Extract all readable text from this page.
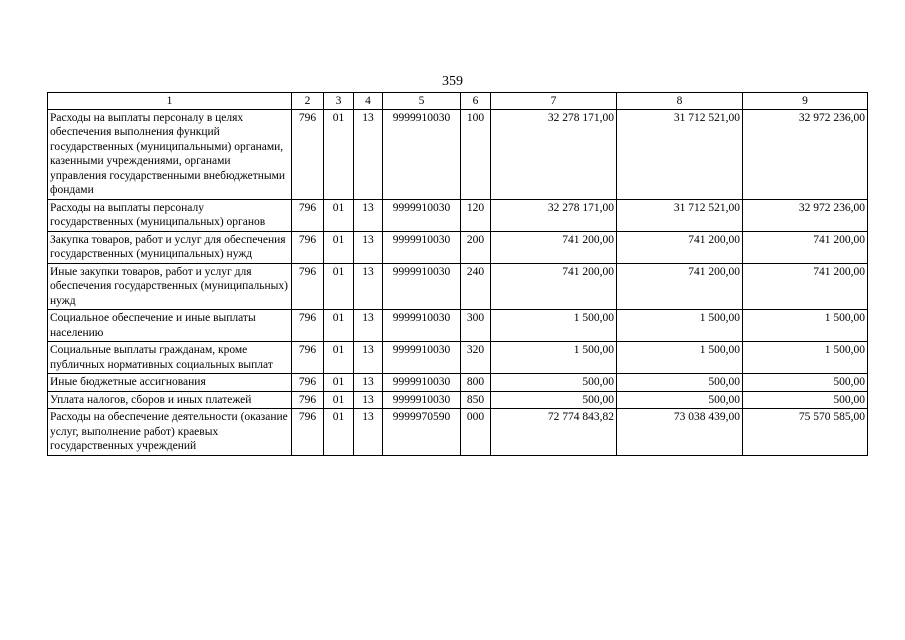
359
1	2	3	4	5	6	7	8	9
Расходы на выплаты персоналу в целях обеспечения выполнения функций государственных (муниципальными) органами, казенными учреждениями, органами управления государственными внебюджетными фондами	796	01	13	9999910030	100	32 278 171,00	31 712 521,00	32 972 236,00
Расходы на выплаты персоналу государственных (муниципальных) органов	796	01	13	9999910030	120	32 278 171,00	31 712 521,00	32 972 236,00
Закупка товаров, работ и услуг для обеспечения государственных (муниципальных) нужд	796	01	13	9999910030	200	741 200,00	741 200,00	741 200,00
Иные закупки товаров, работ и услуг для обеспечения государственных (муниципальных) нужд	796	01	13	9999910030	240	741 200,00	741 200,00	741 200,00
Социальное обеспечение и иные выплаты населению	796	01	13	9999910030	300	1 500,00	1 500,00	1 500,00
Социальные выплаты гражданам, кроме публичных нормативных социальных выплат	796	01	13	9999910030	320	1 500,00	1 500,00	1 500,00
Иные бюджетные ассигнования	796	01	13	9999910030	800	500,00	500,00	500,00
Уплата налогов, сборов и иных платежей	796	01	13	9999910030	850	500,00	500,00	500,00
Расходы на обеспечение деятельности (оказание услуг, выполнение работ) краевых государственных учреждений	796	01	13	9999970590	000	72 774 843,82	73 038 439,00	75 570 585,00
